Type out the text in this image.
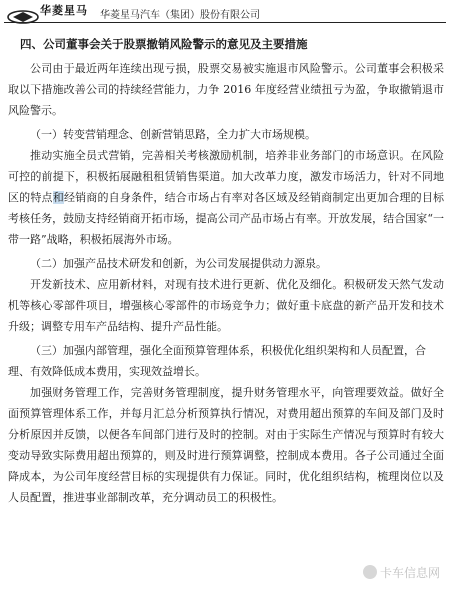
华菱星马 华菱星马汽车（集团）股份有限公司
四、公司董事会关于股票撤销风险警示的意见及主要措施

公司由于最近两年连续出现亏损，股票交易被实施退市风险警示。公司董事会积极采取以下措施改善公司的持续经营能力，力争 2016 年度经营业绩扭亏为盈，争取撤销退市风险警示。

（一）转变营销理念、创新营销思路，全力扩大市场规模。

推动实施全员式营销，完善相关考核激励机制，培养非业务部门的市场意识。在风险可控的前提下，积极拓展融租租赁销售渠道。加大改革力度，激发市场活力，针对不同地区的特点和经销商的自身条件，结合市场占有率对各区域及经销商制定出更加合理的目标考核任务，鼓励支持经销商开拓市场，提高公司产品市场占有率。开放发展，结合国家“一带一路”战略，积极拓展海外市场。

（二）加强产品技术研发和创新，为公司发展提供动力源泉。

开发新技术、应用新材料，对现有技术进行更新、优化及细化。积极研发天然气发动机等核心零部件项目，增强核心零部件的市场竞争力；做好重卡底盘的新产品开发和技术升级；调整专用车产品结构、提升产品性能。

（三）加强内部管理，强化全面预算管理体系，积极优化组织架构和人员配置，合理、有效降低成本费用，实现效益增长。

加强财务管理工作，完善财务管理制度，提升财务管理水平，向管理要效益。做好全面预算管理体系工作，并每月汇总分析预算执行情况，对费用超出预算的车间及部门及时分析原因并反馈，以便各车间部门进行及时的控制。对由于实际生产情况与预算时有较大变动导致实际费用超出预算的，则及时进行预算调整，控制成本费用。各子公司通过全面降成本，为公司年度经营目标的实现提供有力保证。同时，优化组织结构，梳理岗位以及人员配置，推进事业部制改革，充分调动员工的积极性。

卡车信息网
